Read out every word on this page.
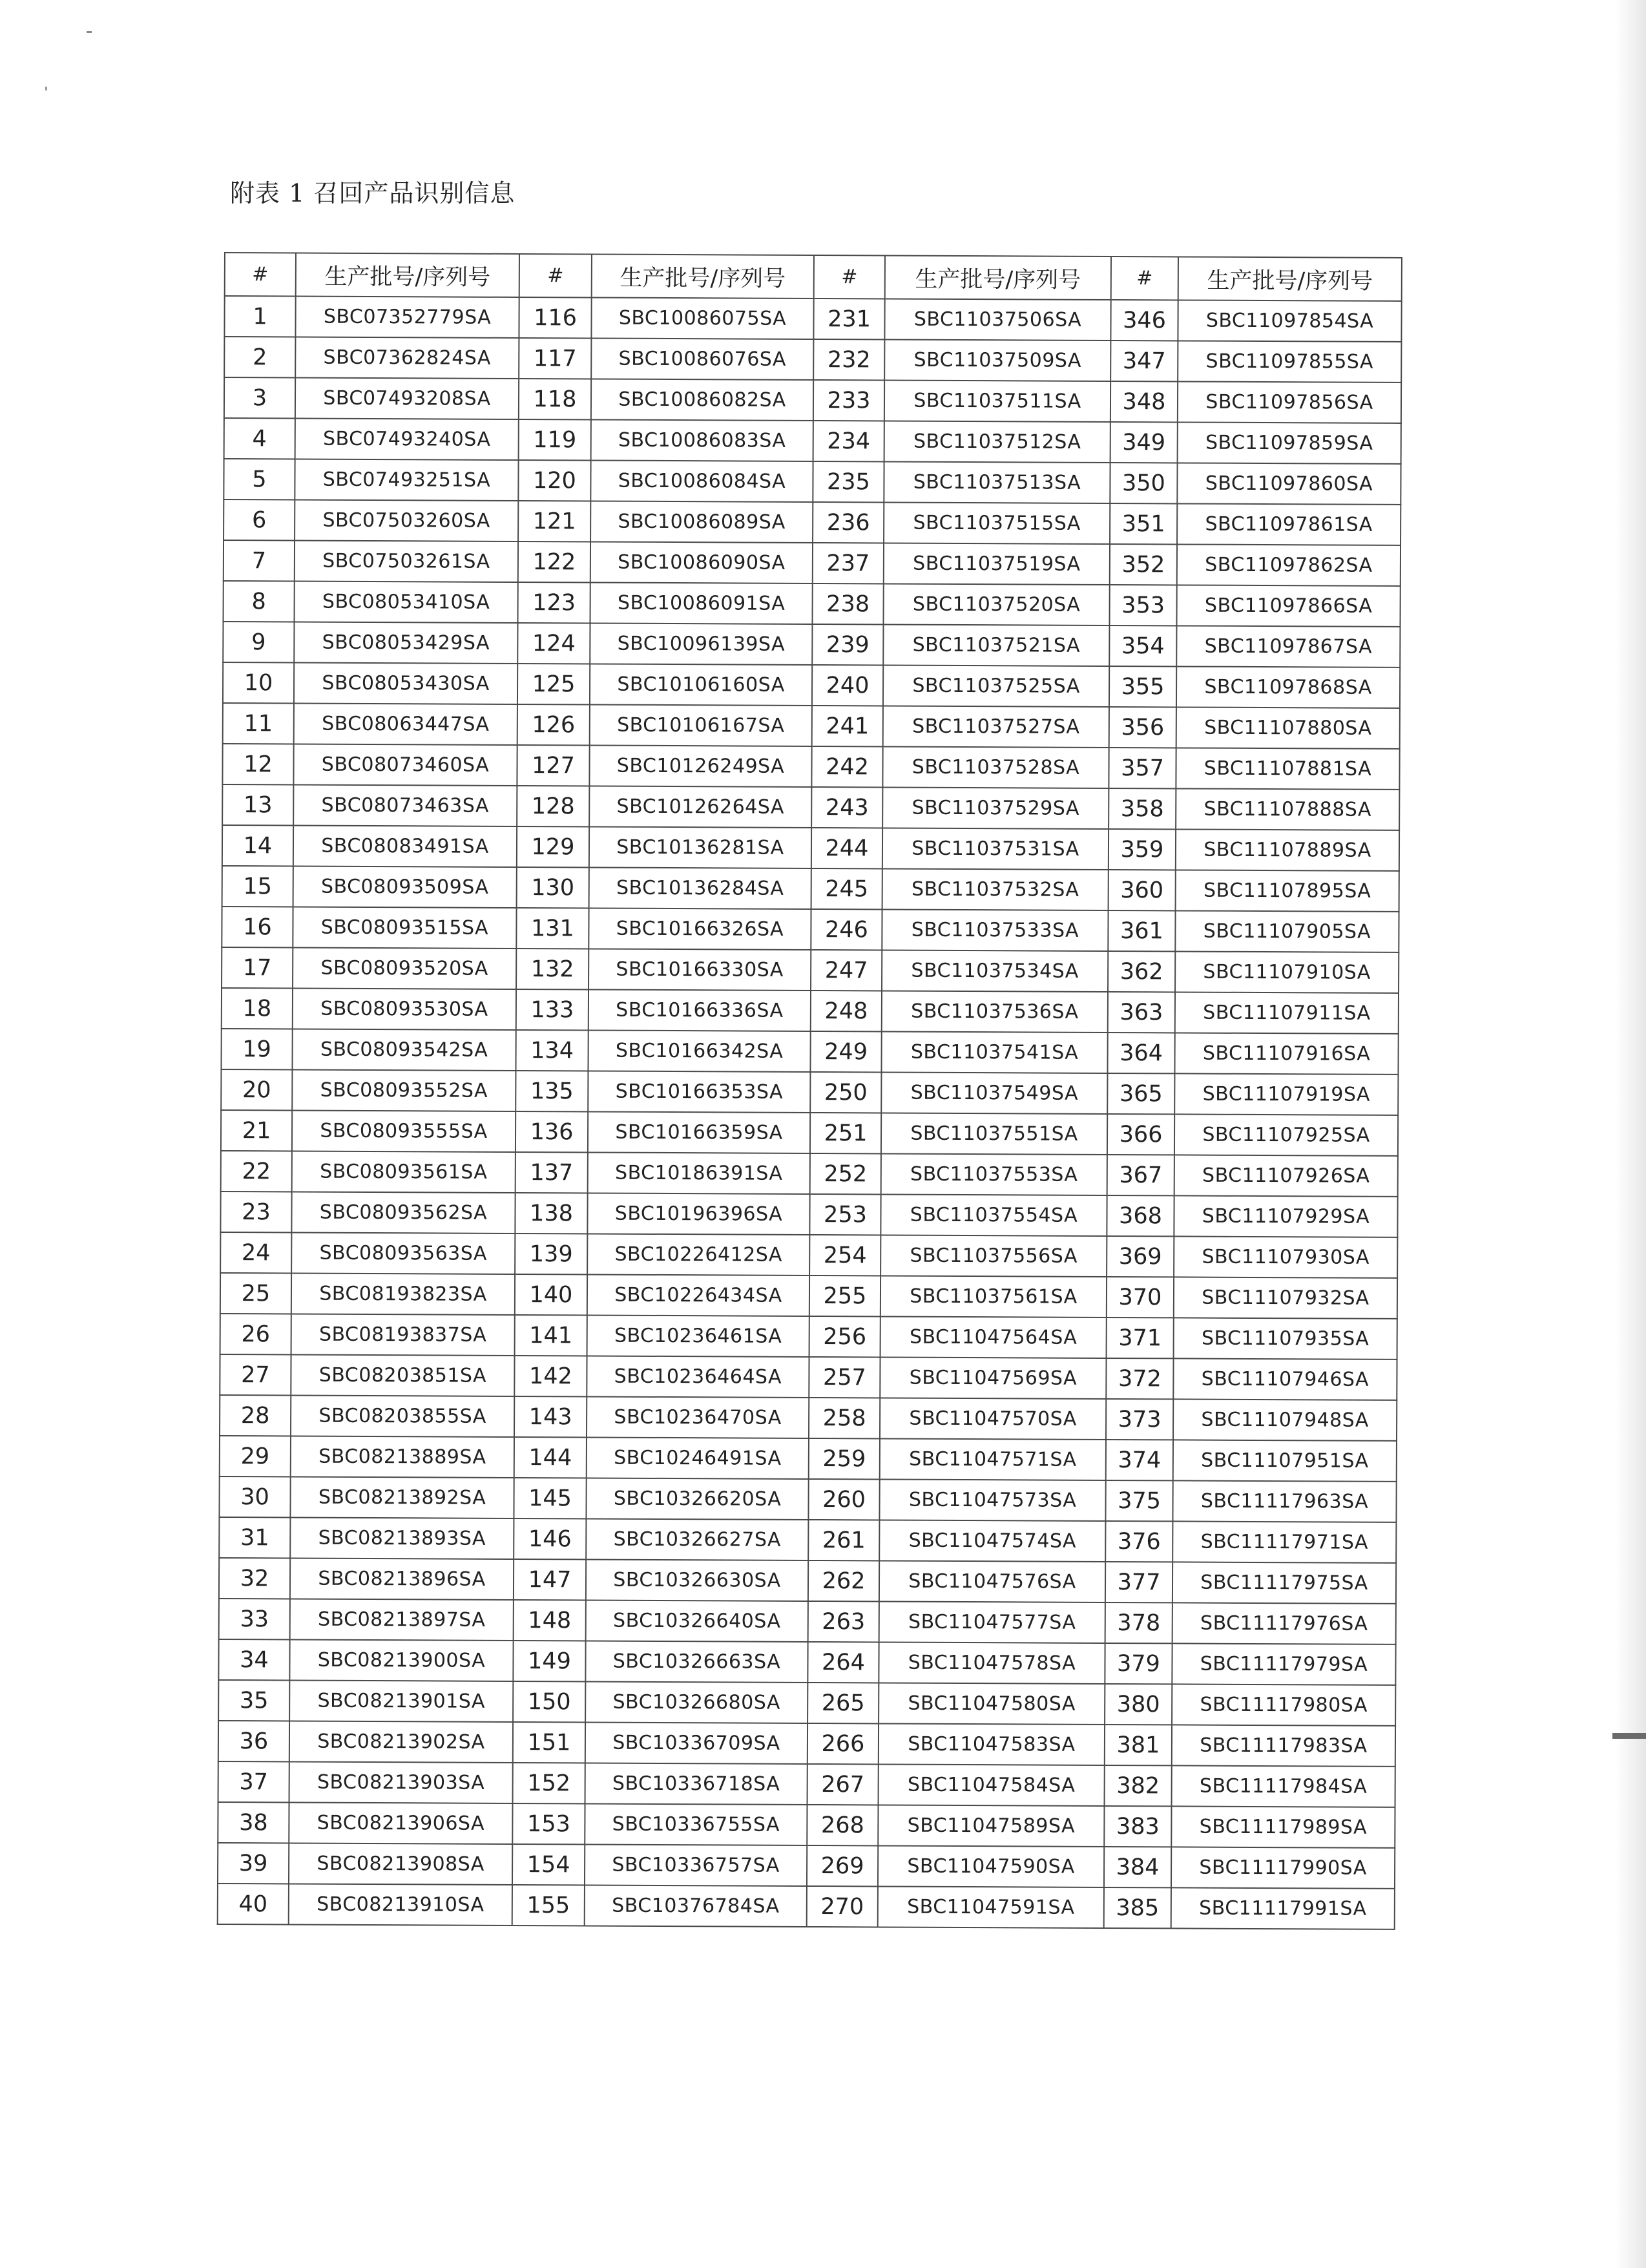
附表 1 召回产品识别信息
#	生产批号/序列号	#	生产批号/序列号	#	生产批号/序列号	#	生产批号/序列号
1	SBC07352779SA	116	SBC10086075SA	231	SBC11037506SA	346	SBC11097854SA
2	SBC07362824SA	117	SBC10086076SA	232	SBC11037509SA	347	SBC11097855SA
3	SBC07493208SA	118	SBC10086082SA	233	SBC11037511SA	348	SBC11097856SA
4	SBC07493240SA	119	SBC10086083SA	234	SBC11037512SA	349	SBC11097859SA
5	SBC07493251SA	120	SBC10086084SA	235	SBC11037513SA	350	SBC11097860SA
6	SBC07503260SA	121	SBC10086089SA	236	SBC11037515SA	351	SBC11097861SA
7	SBC07503261SA	122	SBC10086090SA	237	SBC11037519SA	352	SBC11097862SA
8	SBC08053410SA	123	SBC10086091SA	238	SBC11037520SA	353	SBC11097866SA
9	SBC08053429SA	124	SBC10096139SA	239	SBC11037521SA	354	SBC11097867SA
10	SBC08053430SA	125	SBC10106160SA	240	SBC11037525SA	355	SBC11097868SA
11	SBC08063447SA	126	SBC10106167SA	241	SBC11037527SA	356	SBC11107880SA
12	SBC08073460SA	127	SBC10126249SA	242	SBC11037528SA	357	SBC11107881SA
13	SBC08073463SA	128	SBC10126264SA	243	SBC11037529SA	358	SBC11107888SA
14	SBC08083491SA	129	SBC10136281SA	244	SBC11037531SA	359	SBC11107889SA
15	SBC08093509SA	130	SBC10136284SA	245	SBC11037532SA	360	SBC11107895SA
16	SBC08093515SA	131	SBC10166326SA	246	SBC11037533SA	361	SBC11107905SA
17	SBC08093520SA	132	SBC10166330SA	247	SBC11037534SA	362	SBC11107910SA
18	SBC08093530SA	133	SBC10166336SA	248	SBC11037536SA	363	SBC11107911SA
19	SBC08093542SA	134	SBC10166342SA	249	SBC11037541SA	364	SBC11107916SA
20	SBC08093552SA	135	SBC10166353SA	250	SBC11037549SA	365	SBC11107919SA
21	SBC08093555SA	136	SBC10166359SA	251	SBC11037551SA	366	SBC11107925SA
22	SBC08093561SA	137	SBC10186391SA	252	SBC11037553SA	367	SBC11107926SA
23	SBC08093562SA	138	SBC10196396SA	253	SBC11037554SA	368	SBC11107929SA
24	SBC08093563SA	139	SBC10226412SA	254	SBC11037556SA	369	SBC11107930SA
25	SBC08193823SA	140	SBC10226434SA	255	SBC11037561SA	370	SBC11107932SA
26	SBC08193837SA	141	SBC10236461SA	256	SBC11047564SA	371	SBC11107935SA
27	SBC08203851SA	142	SBC10236464SA	257	SBC11047569SA	372	SBC11107946SA
28	SBC08203855SA	143	SBC10236470SA	258	SBC11047570SA	373	SBC11107948SA
29	SBC08213889SA	144	SBC10246491SA	259	SBC11047571SA	374	SBC11107951SA
30	SBC08213892SA	145	SBC10326620SA	260	SBC11047573SA	375	SBC11117963SA
31	SBC08213893SA	146	SBC10326627SA	261	SBC11047574SA	376	SBC11117971SA
32	SBC08213896SA	147	SBC10326630SA	262	SBC11047576SA	377	SBC11117975SA
33	SBC08213897SA	148	SBC10326640SA	263	SBC11047577SA	378	SBC11117976SA
34	SBC08213900SA	149	SBC10326663SA	264	SBC11047578SA	379	SBC11117979SA
35	SBC08213901SA	150	SBC10326680SA	265	SBC11047580SA	380	SBC11117980SA
36	SBC08213902SA	151	SBC10336709SA	266	SBC11047583SA	381	SBC11117983SA
37	SBC08213903SA	152	SBC10336718SA	267	SBC11047584SA	382	SBC11117984SA
38	SBC08213906SA	153	SBC10336755SA	268	SBC11047589SA	383	SBC11117989SA
39	SBC08213908SA	154	SBC10336757SA	269	SBC11047590SA	384	SBC11117990SA
40	SBC08213910SA	155	SBC10376784SA	270	SBC11047591SA	385	SBC11117991SA
